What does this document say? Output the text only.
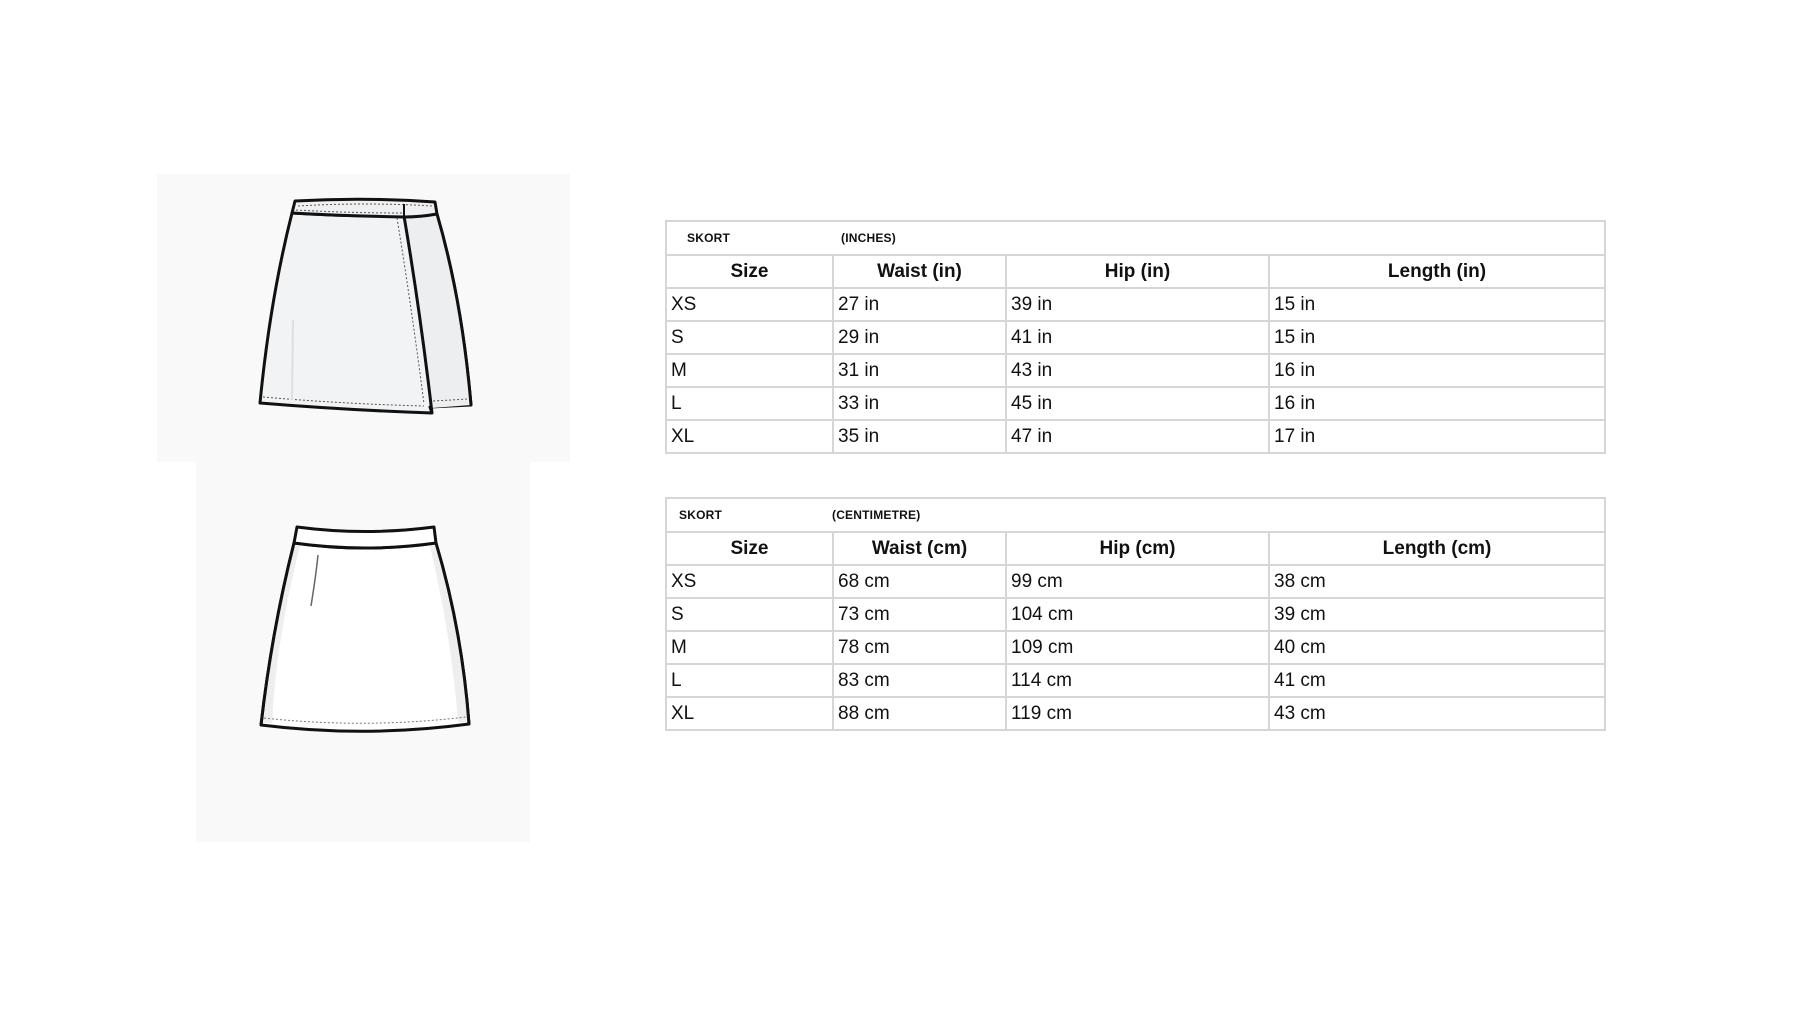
SKORT (INCHES)			

Size	Waist (in)	Hip (in)	Length (in)
XS	27 in	39 in	15 in
S	29 in	41 in	15 in
M	31 in	43 in	16 in
L	33 in	45 in	16 in
XL	35 in	47 in	17 in
SKORT (CENTIMETRE)			

Size	Waist (cm)	Hip (cm)	Length (cm)
XS	68 cm	99 cm	38 cm
S	73 cm	104 cm	39 cm
M	78 cm	109 cm	40 cm
L	83 cm	114 cm	41 cm
XL	88 cm	119 cm	43 cm
